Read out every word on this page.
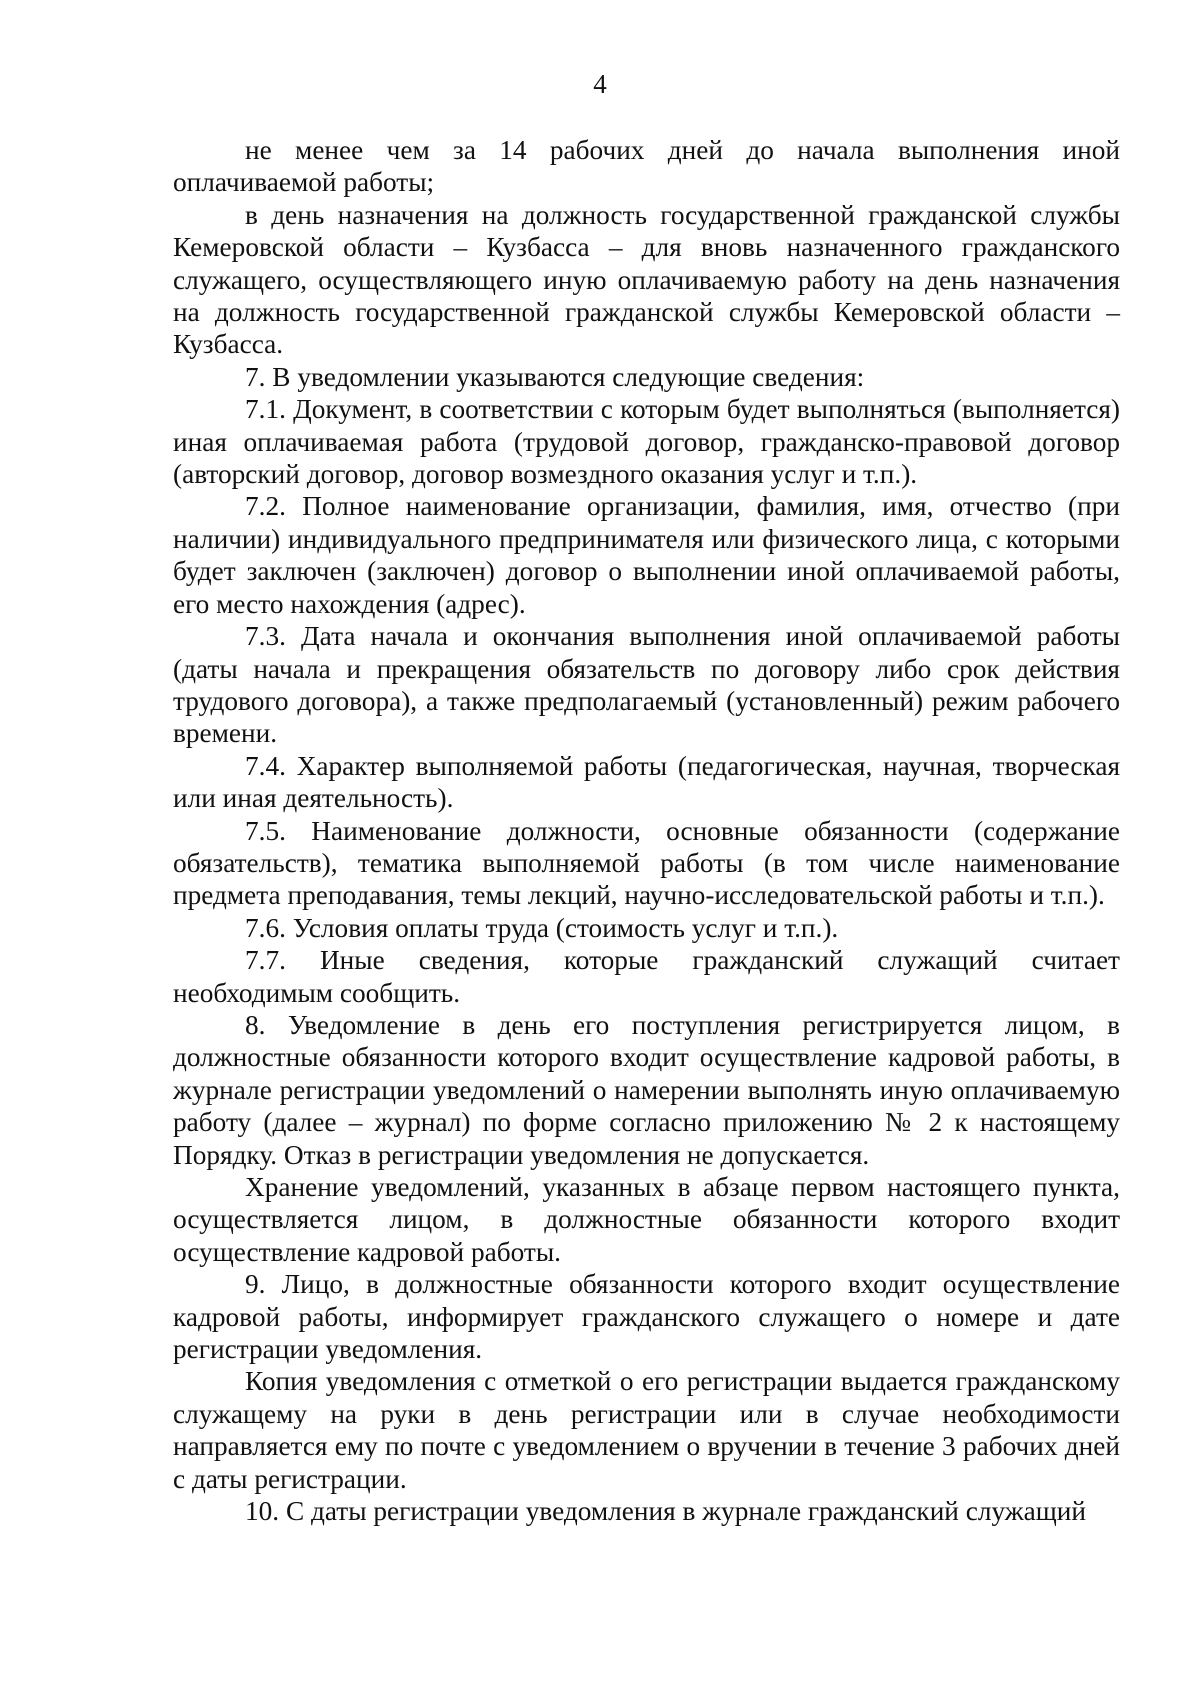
4

не менее чем за 14 рабочих дней до начала выполнения иной оплачиваемой работы;

в день назначения на должность государственной гражданской службы Кемеровской области – Кузбасса – для вновь назначенного гражданского служащего, осуществляющего иную оплачиваемую работу на день назначения на должность государственной гражданской службы Кемеровской области – Кузбасса.

7. В уведомлении указываются следующие сведения:

7.1. Документ, в соответствии с которым будет выполняться (выполняется) иная оплачиваемая работа (трудовой договор, гражданско-правовой договор (авторский договор, договор возмездного оказания услуг и т.п.).

7.2. Полное наименование организации, фамилия, имя, отчество (при наличии) индивидуального предпринимателя или физического лица, с которыми будет заключен (заключен) договор о выполнении иной оплачиваемой работы, его место нахождения (адрес).

7.3. Дата начала и окончания выполнения иной оплачиваемой работы (даты начала и прекращения обязательств по договору либо срок действия трудового договора), а также предполагаемый (установленный) режим рабочего времени.

7.4. Характер выполняемой работы (педагогическая, научная, творческая или иная деятельность).

7.5. Наименование должности, основные обязанности (содержание обязательств), тематика выполняемой работы (в том числе наименование предмета преподавания, темы лекций, научно-исследовательской работы и т.п.).

7.6. Условия оплаты труда (стоимость услуг и т.п.).

7.7. Иные сведения, которые гражданский служащий считает необходимым сообщить.

8. Уведомление в день его поступления регистрируется лицом, в должностные обязанности которого входит осуществление кадровой работы, в журнале регистрации уведомлений о намерении выполнять иную оплачиваемую работу (далее – журнал) по форме согласно приложению № 2 к настоящему Порядку. Отказ в регистрации уведомления не допускается.

Хранение уведомлений, указанных в абзаце первом настоящего пункта, осуществляется лицом, в должностные обязанности которого входит осуществление кадровой работы.

9. Лицо, в должностные обязанности которого входит осуществление кадровой работы, информирует гражданского служащего о номере и дате регистрации уведомления.

Копия уведомления с отметкой о его регистрации выдается гражданскому служащему на руки в день регистрации или в случае необходимости направляется ему по почте с уведомлением о вручении в течение 3 рабочих дней с даты регистрации.

10. С даты регистрации уведомления в журнале гражданский служащий
